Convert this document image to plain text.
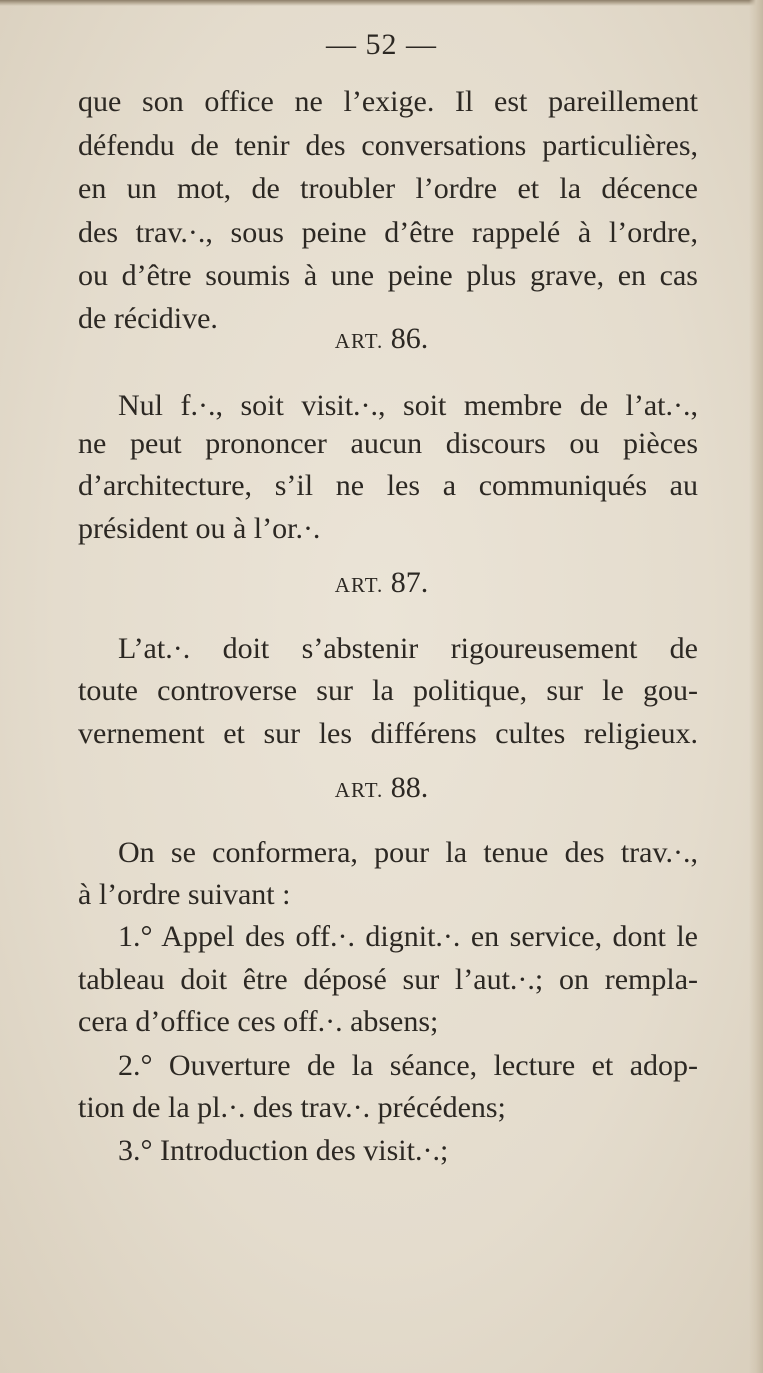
— 52 —
que son office ne l’exige. Il est pareillement
défendu de tenir des conversations particulières,
en un mot, de troubler l’ordre et la décence
des trav.·., sous peine d’être rappelé à l’ordre,
ou d’être soumis à une peine plus grave, en cas
de récidive.
ART. 86.
Nul f.·., soit visit.·., soit membre de l’at.·.,
ne peut prononcer aucun discours ou pièces
d’architecture, s’il ne les a communiqués au
président ou à l’or.·.
ART. 87.
L’at.·. doit s’abstenir rigoureusement de
toute controverse sur la politique, sur le gou-
vernement et sur les différens cultes religieux.
ART. 88.
On se conformera, pour la tenue des trav.·.,
à l’ordre suivant :
1.° Appel des off.·. dignit.·. en service, dont le
tableau doit être déposé sur l’aut.·.; on rempla-
cera d’office ces off.·. absens;
2.° Ouverture de la séance, lecture et adop-
tion de la pl.·. des trav.·. précédens;
3.° Introduction des visit.·.;
